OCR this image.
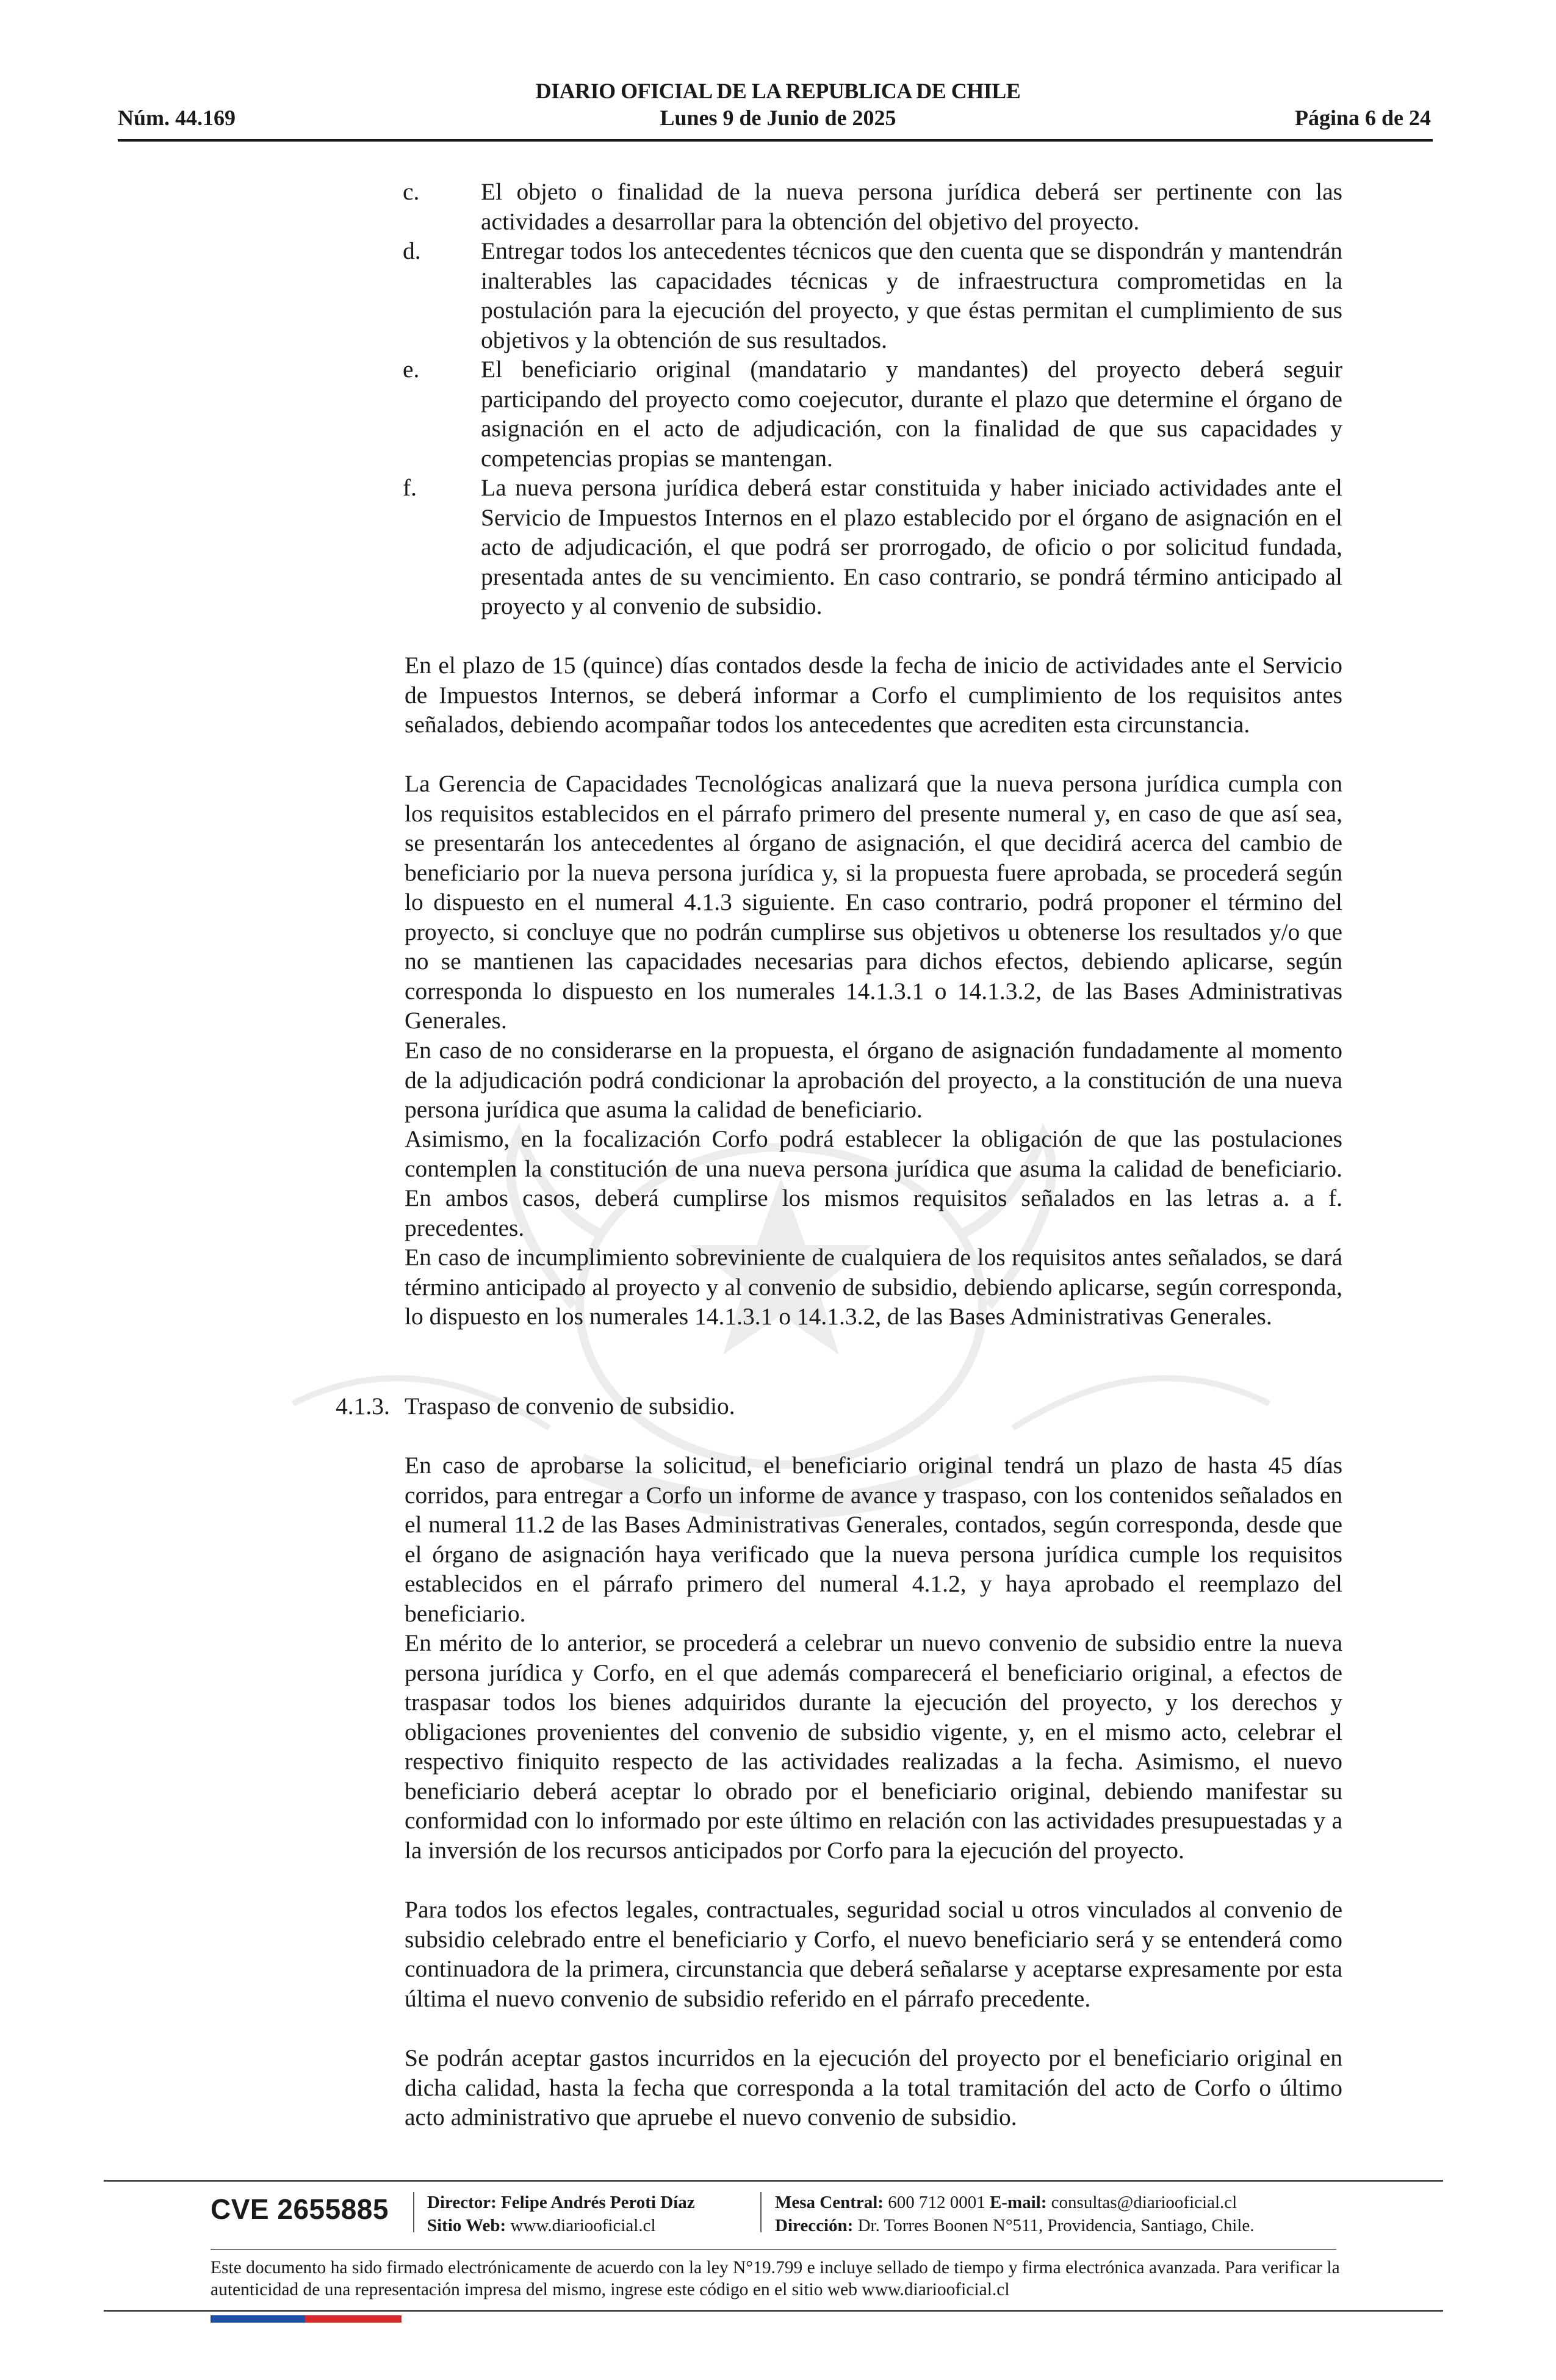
DIARIO OFICIAL DE LA REPUBLICA DE CHILE
Núm. 44.169	Lunes 9 de Junio de 2025	Página 6 de 24
c.	El objeto o finalidad de la nueva persona jurídica deberá ser pertinente con las actividades a desarrollar para la obtención del objetivo del proyecto.
d. Entregar todos los antecedentes técnicos que den cuenta que se dispondrán y mantendrán inalterables las capacidades técnicas y de infraestructura comprometidas en la postulación para la ejecución del proyecto, y que éstas permitan el cumplimiento de sus objetivos y la obtención de sus resultados.
e.	El beneficiario original (mandatario y mandantes) del proyecto deberá seguir participando del proyecto como coejecutor, durante el plazo que determine el órgano de asignación en el acto de adjudicación, con la finalidad de que sus capacidades y competencias propias se mantengan.
f.	La nueva persona jurídica deberá estar constituida y haber iniciado actividades ante el Servicio de Impuestos Internos en el plazo establecido por el órgano de asignación en el acto de adjudicación, el que podrá ser prorrogado, de oficio o por solicitud fundada, presentada antes de su vencimiento. En caso contrario, se pondrá término anticipado al proyecto y al convenio de subsidio.
En el plazo de 15 (quince) días contados desde la fecha de inicio de actividades ante el Servicio de Impuestos Internos, se deberá informar a Corfo el cumplimiento de los requisitos antes señalados, debiendo acompañar todos los antecedentes que acrediten esta circunstancia.
La Gerencia de Capacidades Tecnológicas analizará que la nueva persona jurídica cumpla con los requisitos establecidos en el párrafo primero del presente numeral y, en caso de que así sea, se presentarán los antecedentes al órgano de asignación, el que decidirá acerca del cambio de beneficiario por la nueva persona jurídica y, si la propuesta fuere aprobada, se procederá según lo dispuesto en el numeral 4.1.3 siguiente. En caso contrario, podrá proponer el término del proyecto, si concluye que no podrán cumplirse sus objetivos u obtenerse los resultados y/o que no se mantienen las capacidades necesarias para dichos efectos, debiendo aplicarse, según corresponda lo dispuesto en los numerales 14.1.3.1 o 14.1.3.2, de las Bases Administrativas Generales.
En caso de no considerarse en la propuesta, el órgano de asignación fundadamente al momento de la adjudicación podrá condicionar la aprobación del proyecto, a la constitución de una nueva persona jurídica que asuma la calidad de beneficiario.
Asimismo, en la focalización Corfo podrá establecer la obligación de que las postulaciones contemplen la constitución de una nueva persona jurídica que asuma la calidad de beneficiario. En ambos casos, deberá cumplirse los mismos requisitos señalados en las letras a. a f. precedentes.
En caso de incumplimiento sobreviniente de cualquiera de los requisitos antes señalados, se dará término anticipado al proyecto y al convenio de subsidio, debiendo aplicarse, según corresponda, lo dispuesto en los numerales 14.1.3.1 o 14.1.3.2, de las Bases Administrativas Generales.
4.1.3. Traspaso de convenio de subsidio.
En caso de aprobarse la solicitud, el beneficiario original tendrá un plazo de hasta 45 días corridos, para entregar a Corfo un informe de avance y traspaso, con los contenidos señalados en el numeral 11.2 de las Bases Administrativas Generales, contados, según corresponda, desde que el órgano de asignación haya verificado que la nueva persona jurídica cumple los requisitos establecidos en el párrafo primero del numeral 4.1.2, y haya aprobado el reemplazo del beneficiario.
En mérito de lo anterior, se procederá a celebrar un nuevo convenio de subsidio entre la nueva persona jurídica y Corfo, en el que además comparecerá el beneficiario original, a efectos de traspasar todos los bienes adquiridos durante la ejecución del proyecto, y los derechos y obligaciones provenientes del convenio de subsidio vigente, y, en el mismo acto, celebrar el respectivo finiquito respecto de las actividades realizadas a la fecha. Asimismo, el nuevo beneficiario deberá aceptar lo obrado por el beneficiario original, debiendo manifestar su conformidad con lo informado por este último en relación con las actividades presupuestadas y a la inversión de los recursos anticipados por Corfo para la ejecución del proyecto.
Para todos los efectos legales, contractuales, seguridad social u otros vinculados al convenio de subsidio celebrado entre el beneficiario y Corfo, el nuevo beneficiario será y se entenderá como continuadora de la primera, circunstancia que deberá señalarse y aceptarse expresamente por esta última el nuevo convenio de subsidio referido en el párrafo precedente.
Se podrán aceptar gastos incurridos en la ejecución del proyecto por el beneficiario original en dicha calidad, hasta la fecha que corresponda a la total tramitación del acto de Corfo o último acto administrativo que apruebe el nuevo convenio de subsidio.
CVE 2655885 Director: Felipe Andrés Peroti Díaz
Sitio Web: www.diariooficial.cl
Mesa Central: 600 712 0001 E-mail: consultas@diariooficial.cl
Dirección: Dr. Torres Boonen N°511, Providencia, Santiago, Chile.
Este documento ha sido firmado electrónicamente de acuerdo con la ley N°19.799 e incluye sellado de tiempo y firma electrónica avanzada. Para verificar la autenticidad de una representación impresa del mismo, ingrese este código en el sitio web www.diariooficial.cl
